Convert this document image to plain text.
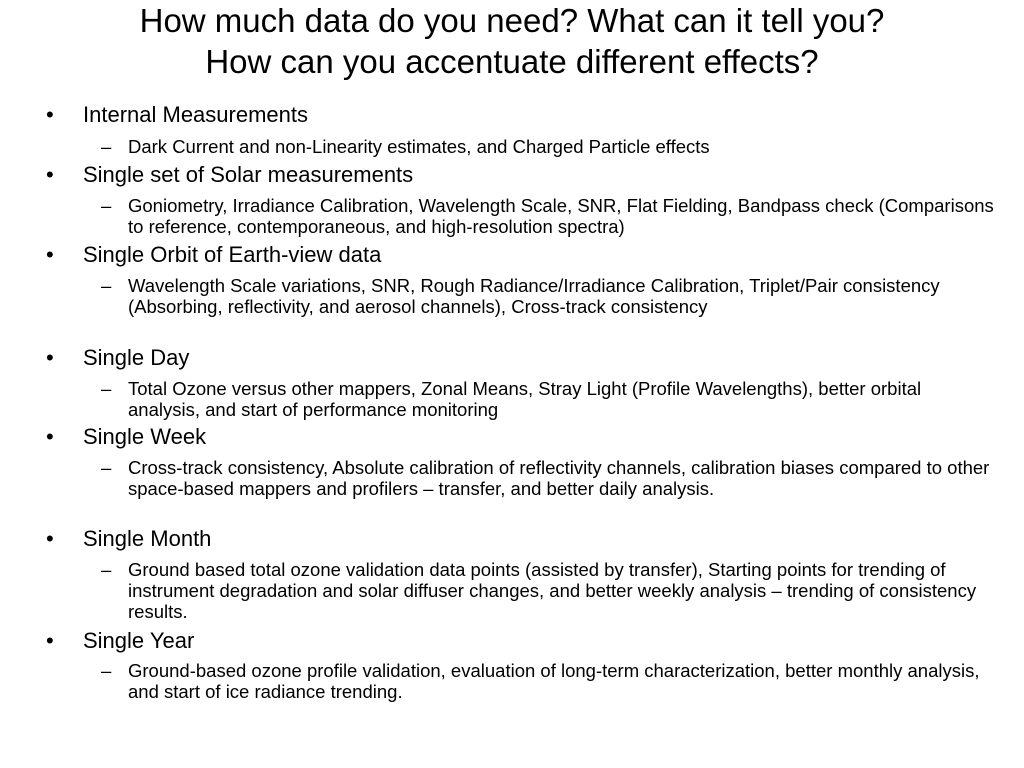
How much data do you need? What can it tell you?
How can you accentuate different effects?
•	Internal Measurements
– Dark Current and non-Linearity estimates, and Charged Particle effects
•	Single set of Solar measurements
– Goniometry, Irradiance Calibration, Wavelength Scale, SNR, Flat Fielding, Bandpass check (Comparisons to reference, contemporaneous, and high-resolution spectra)
•	Single Orbit of Earth-view data
– Wavelength Scale variations, SNR, Rough Radiance/Irradiance Calibration, Triplet/Pair consistency (Absorbing, reflectivity, and aerosol channels), Cross-track consistency
•	Single Day
– Total Ozone versus other mappers, Zonal Means, Stray Light (Profile Wavelengths), better orbital analysis, and start of performance monitoring
•	Single Week
– Cross-track consistency, Absolute calibration of reflectivity channels, calibration biases compared to other space-based mappers and profilers – transfer, and better daily analysis.
•	Single Month
– Ground based total ozone validation data points (assisted by transfer), Starting points for trending of instrument degradation and solar diffuser changes, and better weekly analysis – trending of consistency results.
•	Single Year
– Ground-based ozone profile validation, evaluation of long-term characterization, better monthly analysis, and start of ice radiance trending.
